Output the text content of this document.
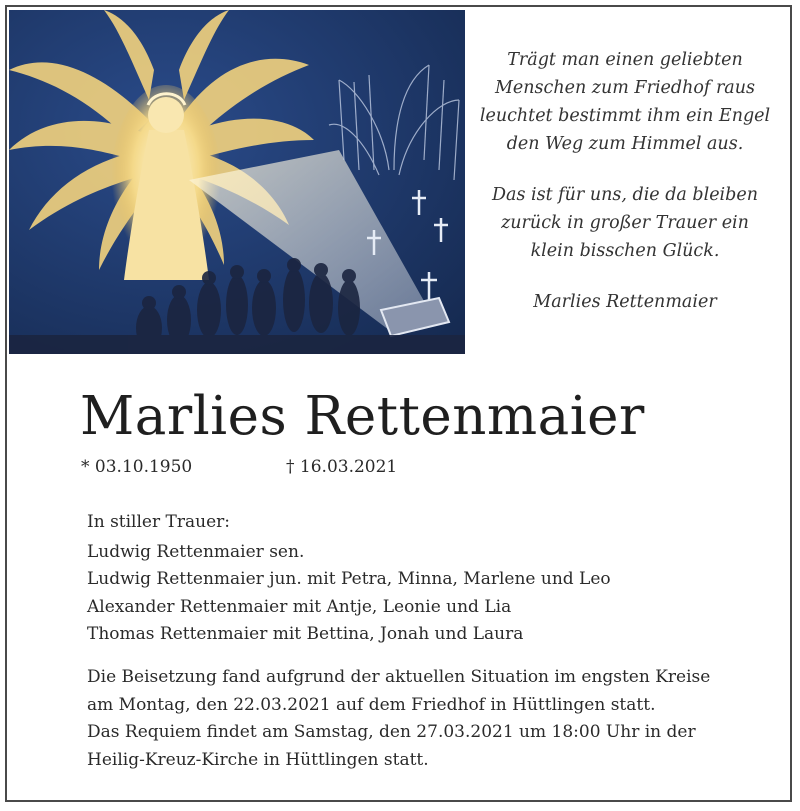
Trägt man einen geliebten
Menschen zum Friedhof raus
leuchtet bestimmt ihm ein Engel
den Weg zum Himmel aus.
Das ist für uns, die da bleiben
zurück in großer Trauer ein
klein bisschen Glück.
Marlies Rettenmaier
Marlies Rettenmaier
* 03.10.1950	† 16.03.2021
In stiller Trauer:
Ludwig Rettenmaier sen.
Ludwig Rettenmaier jun. mit Petra, Minna, Marlene und Leo
Alexander Rettenmaier mit Antje, Leonie und Lia
Thomas Rettenmaier mit Bettina, Jonah und Laura
Die Beisetzung fand aufgrund der aktuellen Situation im engsten Kreise
am Montag, den 22.03.2021 auf dem Friedhof in Hüttlingen statt.
Das Requiem findet am Samstag, den 27.03.2021 um 18:00 Uhr in der
Heilig-Kreuz-Kirche in Hüttlingen statt.
